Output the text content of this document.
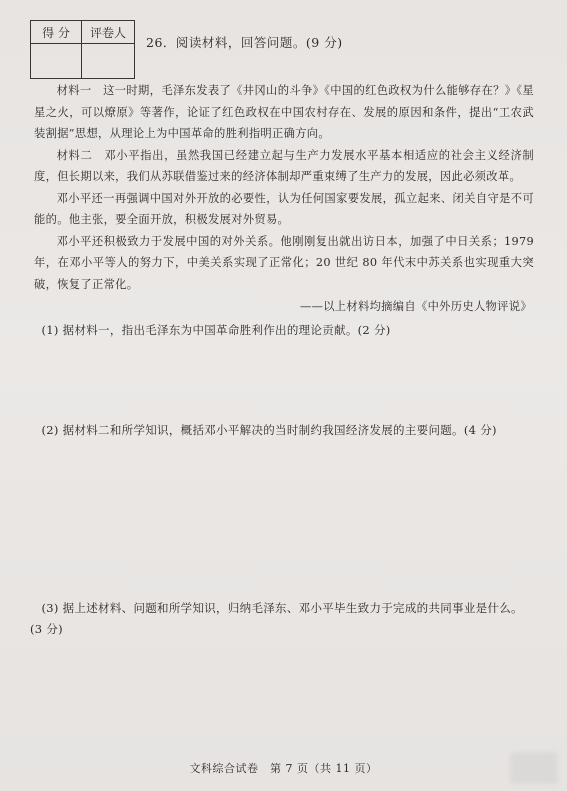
得 分	评卷人

26．阅读材料，回答问题。(9 分)

材料一　这一时期，毛泽东发表了《井冈山的斗争》《中国的红色政权为什么能够存在？》《星星之火，可以燎原》等著作，论证了红色政权在中国农村存在、发展的原因和条件，提出“工农武装割据”思想，从理论上为中国革命的胜利指明正确方向。

材料二　邓小平指出，虽然我国已经建立起与生产力发展水平基本相适应的社会主义经济制度，但长期以来，我们从苏联借鉴过来的经济体制却严重束缚了生产力的发展，因此必须改革。

邓小平还一再强调中国对外开放的必要性，认为任何国家要发展，孤立起来、闭关自守是不可能的。他主张，要全面开放，积极发展对外贸易。

邓小平还积极致力于发展中国的对外关系。他刚刚复出就出访日本，加强了中日关系；1979 年，在邓小平等人的努力下，中美关系实现了正常化；20 世纪 80 年代末中苏关系也实现重大突破，恢复了正常化。

——以上材料均摘编自《中外历史人物评说》

(1) 据材料一，指出毛泽东为中国革命胜利作出的理论贡献。(2 分)

(2) 据材料二和所学知识，概括邓小平解决的当时制约我国经济发展的主要问题。(4 分)

(3) 据上述材料、问题和所学知识，归纳毛泽东、邓小平毕生致力于完成的共同事业是什么。(3 分)

文科综合试卷　第 7 页（共 11 页）
